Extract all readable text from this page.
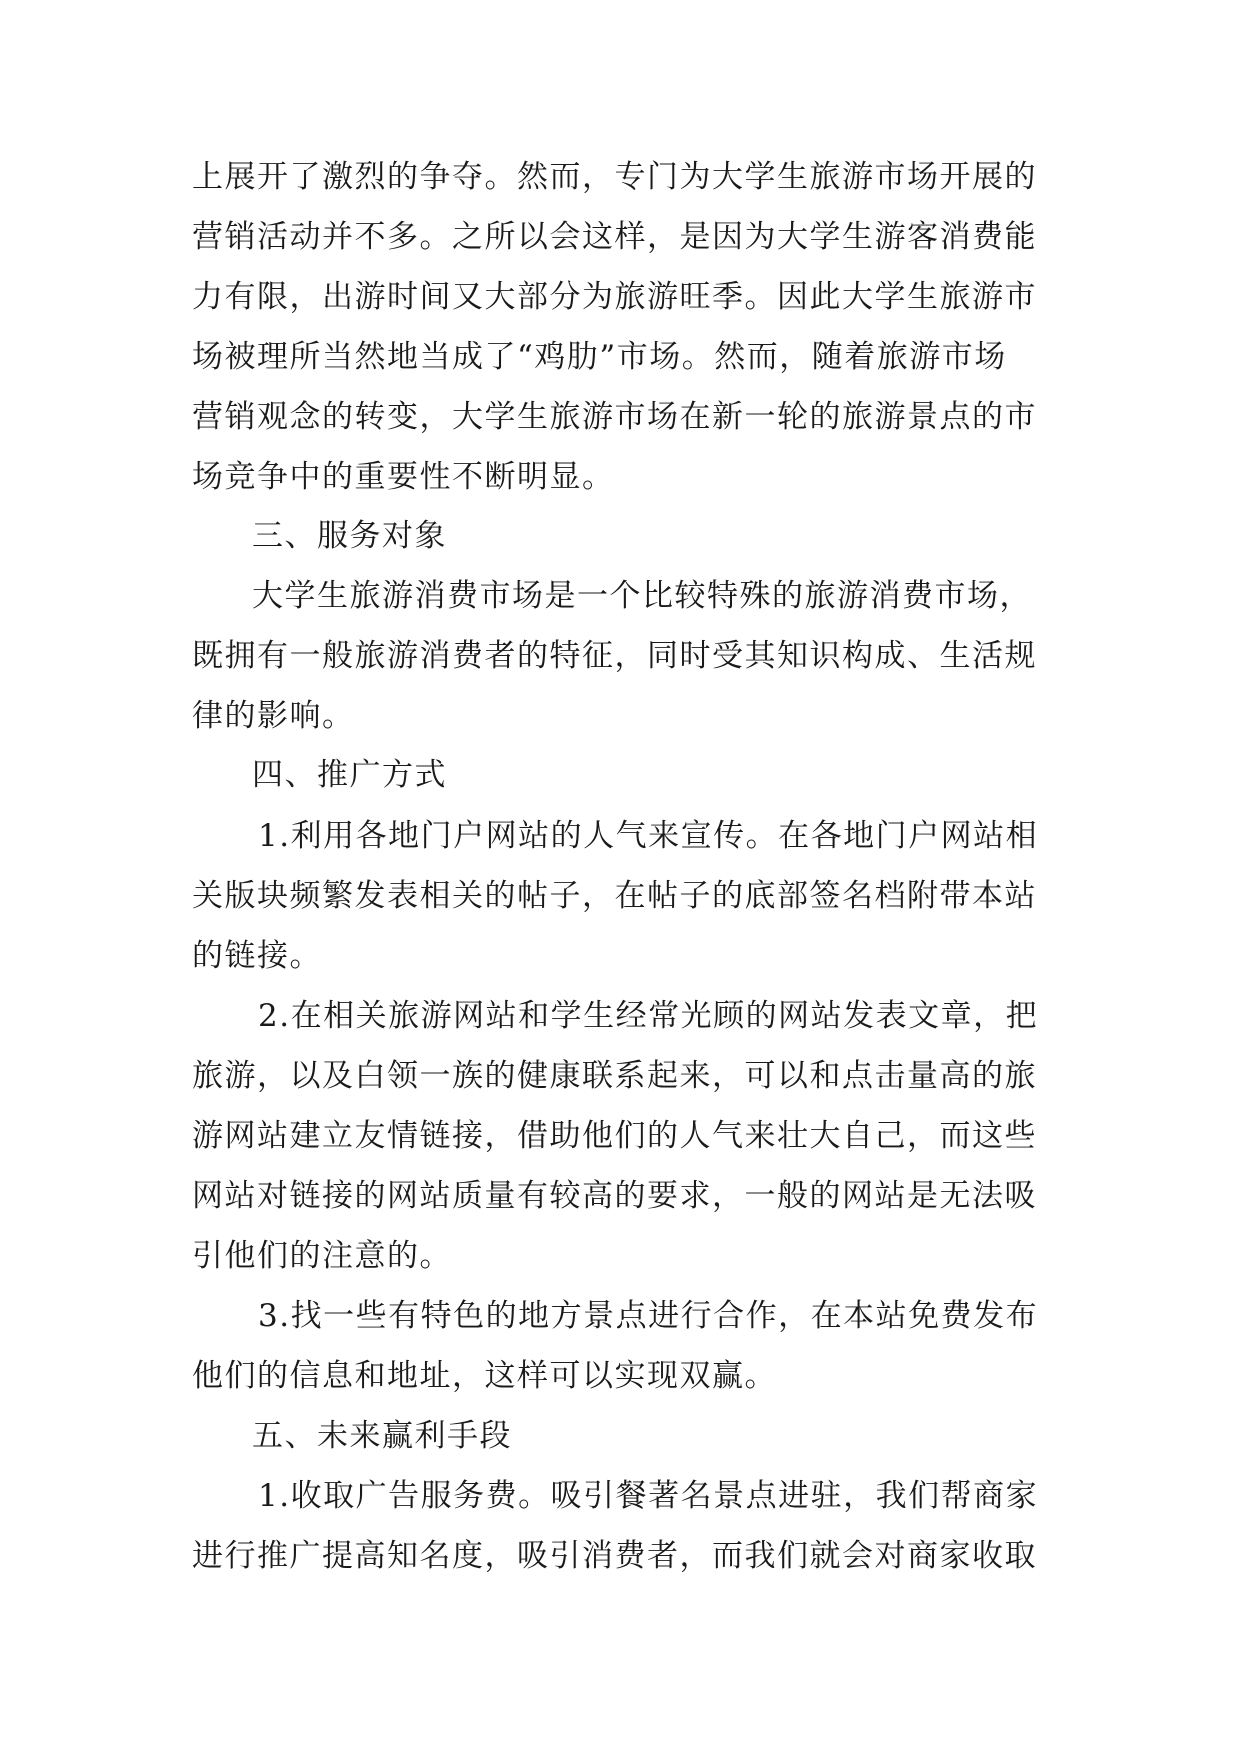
上展开了激烈的争夺。然而，专门为大学生旅游市场开展的
营销活动并不多。之所以会这样，是因为大学生游客消费能
力有限，出游时间又大部分为旅游旺季。因此大学生旅游市
场被理所当然地当成了“鸡肋”市场。然而，随着旅游市场
营销观念的转变，大学生旅游市场在新一轮的旅游景点的市
场竞争中的重要性不断明显。
三、服务对象
大学生旅游消费市场是一个比较特殊的旅游消费市场，
既拥有一般旅游消费者的特征，同时受其知识构成、生活规
律的影响。
四、推广方式
1.利用各地门户网站的人气来宣传。在各地门户网站相
关版块频繁发表相关的帖子，在帖子的底部签名档附带本站
的链接。
2.在相关旅游网站和学生经常光顾的网站发表文章，把
旅游，以及白领一族的健康联系起来，可以和点击量高的旅
游网站建立友情链接，借助他们的人气来壮大自己，而这些
网站对链接的网站质量有较高的要求，一般的网站是无法吸
引他们的注意的。
3.找一些有特色的地方景点进行合作，在本站免费发布
他们的信息和地址，这样可以实现双赢。
五、未来赢利手段
1.收取广告服务费。吸引餐著名景点进驻，我们帮商家
进行推广提高知名度，吸引消费者，而我们就会对商家收取
